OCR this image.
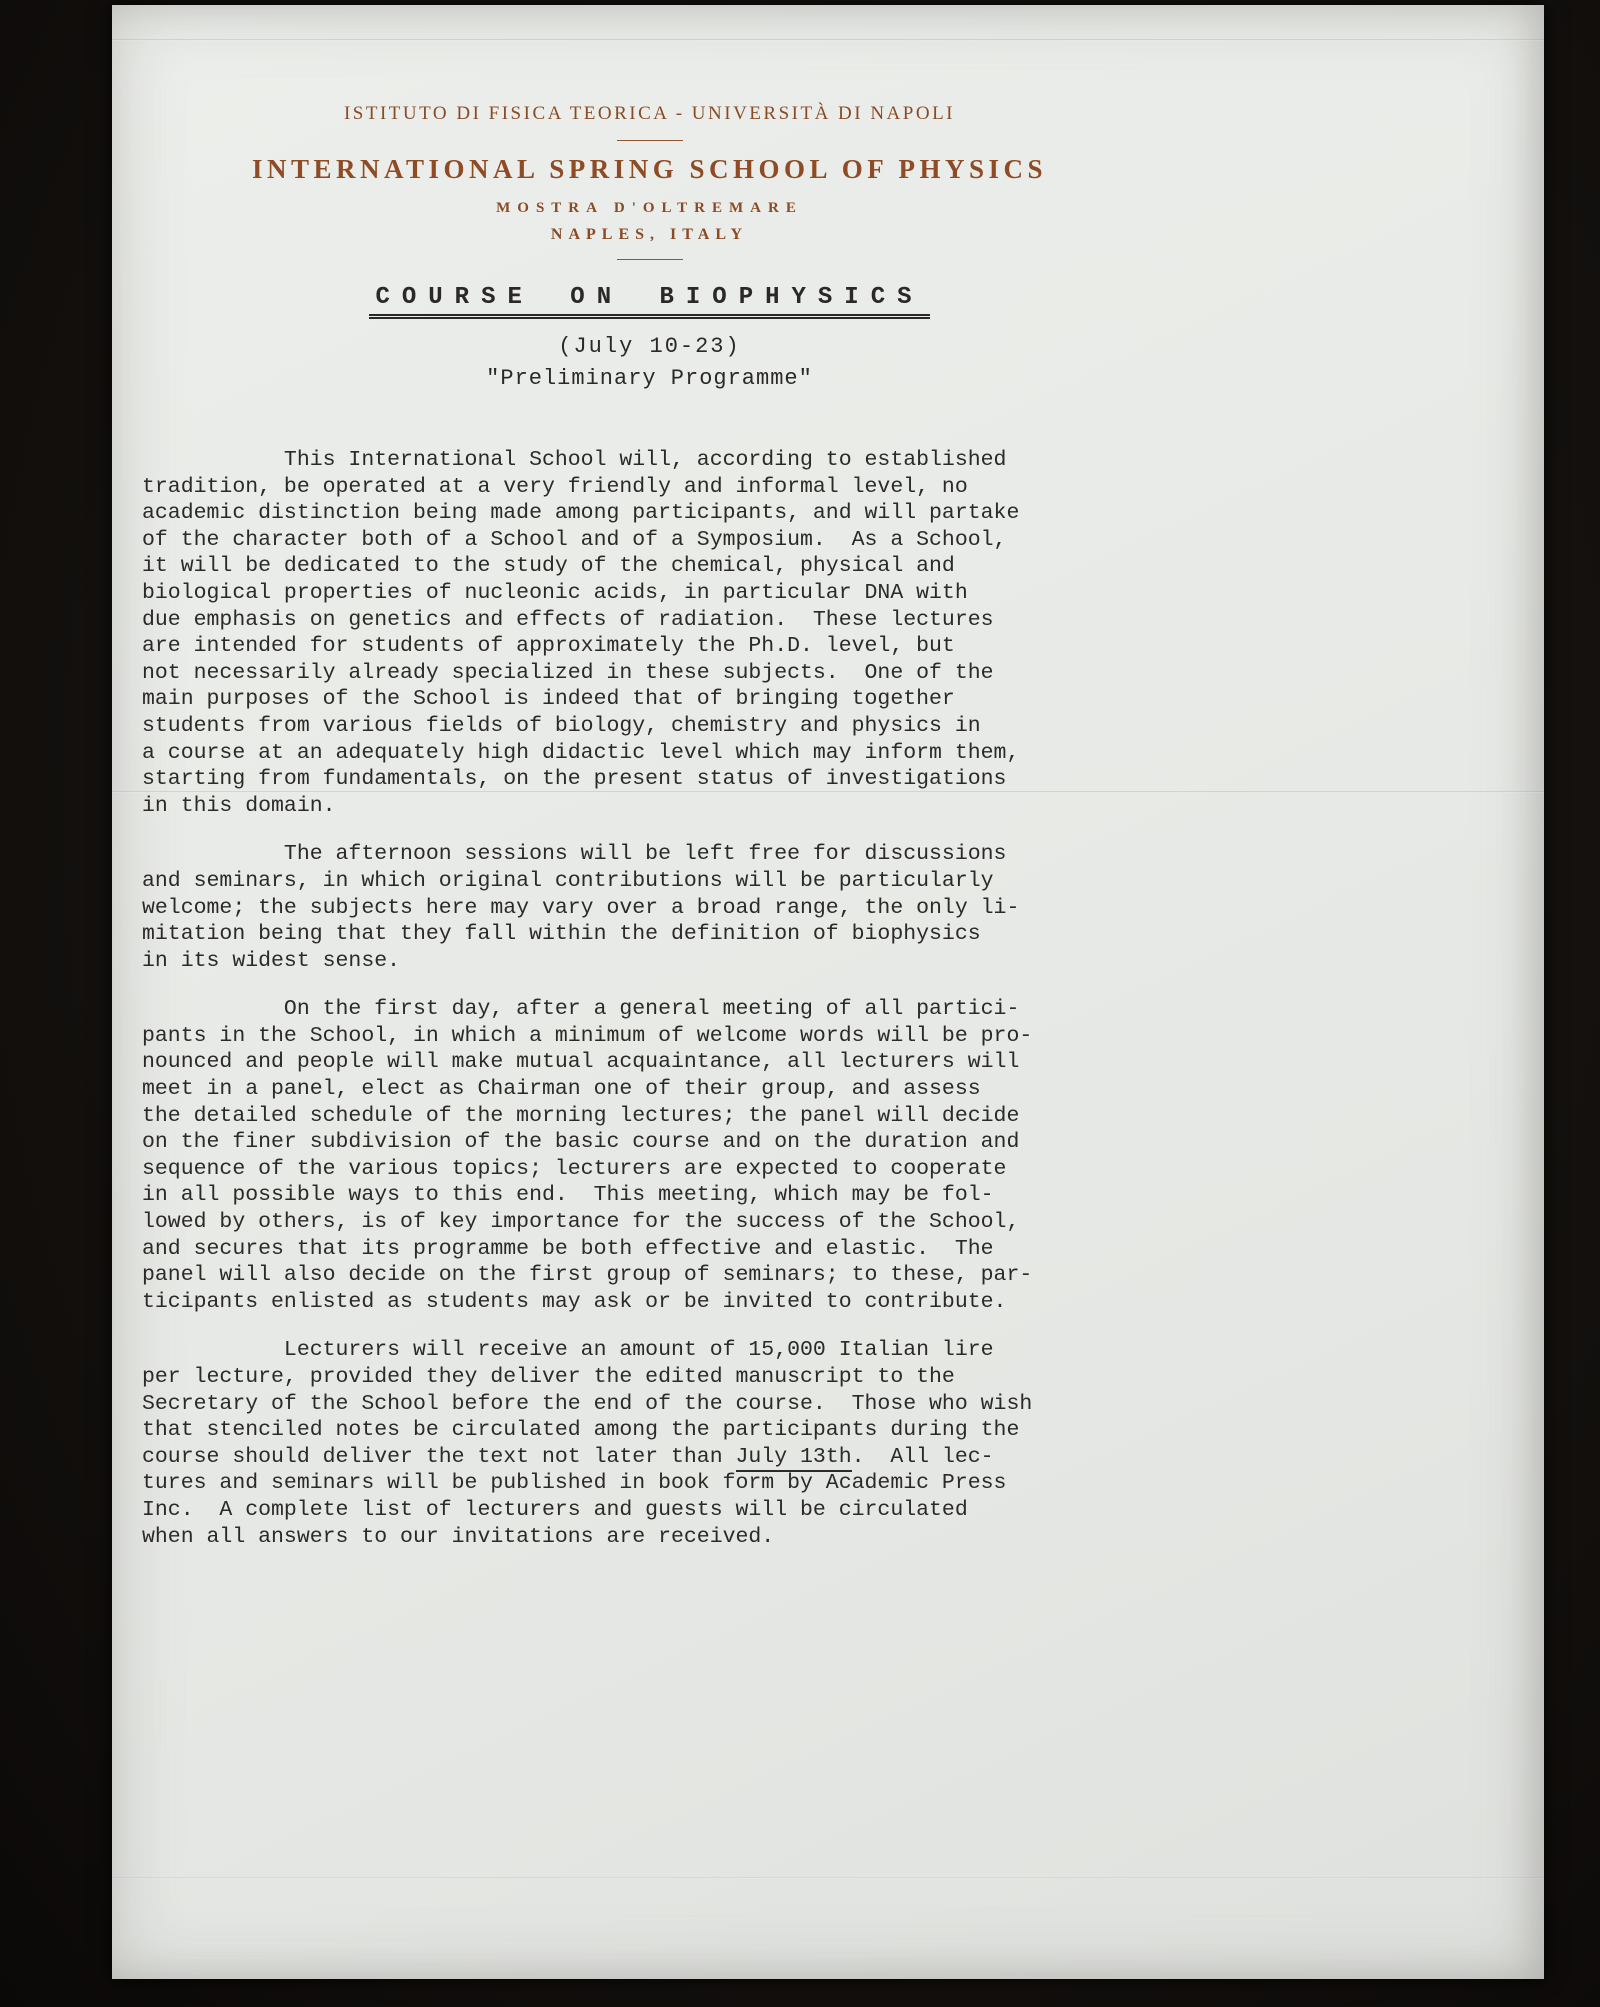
ISTITUTO DI FISICA TEORICA - UNIVERSITÀ DI NAPOLI
INTERNATIONAL SPRING SCHOOL OF PHYSICS
MOSTRA D'OLTREMARE
NAPLES, ITALY
COURSE ON BIOPHYSICS
(July 10-23)
"Preliminary Programme"
This International School will, according to established
tradition, be operated at a very friendly and informal level, no
academic distinction being made among participants, and will partake
of the character both of a School and of a Symposium.  As a School,
it will be dedicated to the study of the chemical, physical and
biological properties of nucleonic acids, in particular DNA with
due emphasis on genetics and effects of radiation.  These lectures
are intended for students of approximately the Ph.D. level, but
not necessarily already specialized in these subjects.  One of the
main purposes of the School is indeed that of bringing together
students from various fields of biology, chemistry and physics in
a course at an adequately high didactic level which may inform them,
starting from fundamentals, on the present status of investigations
in this domain.
The afternoon sessions will be left free for discussions
and seminars, in which original contributions will be particularly
welcome; the subjects here may vary over a broad range, the only li-
mitation being that they fall within the definition of biophysics
in its widest sense.
On the first day, after a general meeting of all partici-
pants in the School, in which a minimum of welcome words will be pro-
nounced and people will make mutual acquaintance, all lecturers will
meet in a panel, elect as Chairman one of their group, and assess
the detailed schedule of the morning lectures; the panel will decide
on the finer subdivision of the basic course and on the duration and
sequence of the various topics; lecturers are expected to cooperate
in all possible ways to this end.  This meeting, which may be fol-
lowed by others, is of key importance for the success of the School,
and secures that its programme be both effective and elastic.  The
panel will also decide on the first group of seminars; to these, par-
ticipants enlisted as students may ask or be invited to contribute.
Lecturers will receive an amount of 15,000 Italian lire
per lecture, provided they deliver the edited manuscript to the
Secretary of the School before the end of the course.  Those who wish
that stenciled notes be circulated among the participants during the
course should deliver the text not later than July 13th.  All lec-
tures and seminars will be published in book form by Academic Press
Inc.  A complete list of lecturers and guests will be circulated
when all answers to our invitations are received.
